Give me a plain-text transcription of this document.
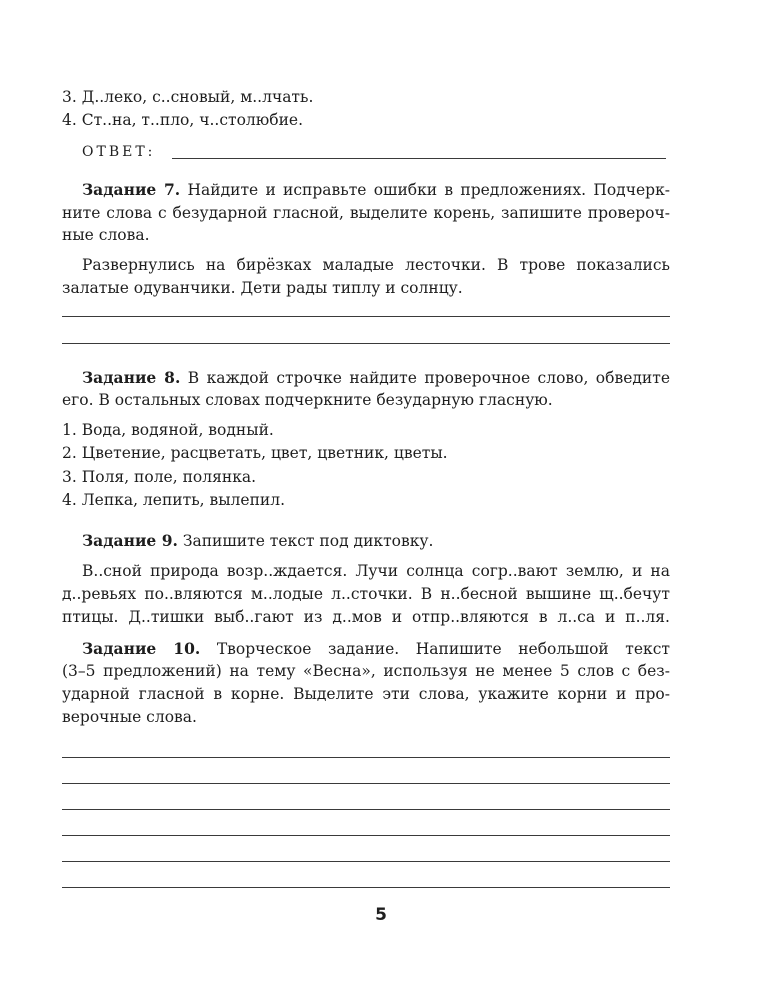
3. Д..леко, с..сновый, м..лчать.
4. Ст..на, т..пло, ч..столюбие.
ОТВЕТ:
Задание 7. Найдите и исправьте ошибки в предложениях. Подчерк-
ните слова с безударной гласной, выделите корень, запишите провероч-
ные слова.
Развернулись на бирёзках маладые лесточки. В трове показались
залатые одуванчики. Дети рады типлу и солнцу.
Задание 8. В каждой строчке найдите проверочное слово, обведите
его. В остальных словах подчеркните безударную гласную.
1. Вода, водяной, водный.
2. Цветение, расцветать, цвет, цветник, цветы.
3. Поля, поле, полянка.
4. Лепка, лепить, вылепил.
Задание 9. Запишите текст под диктовку.
В..сной природа возр..ждается. Лучи солнца согр..вают землю, и на
д..ревьях по..вляются м..лодые л..сточки. В н..бесной вышине щ..бечут
птицы. Д..тишки выб..гают из д..мов и отпр..вляются в л..са и п..ля.
Задание 10. Творческое задание. Напишите небольшой текст
(3–5 предложений) на тему «Весна», используя не менее 5 слов с без-
ударной гласной в корне. Выделите эти слова, укажите корни и про-
верочные слова.
5
